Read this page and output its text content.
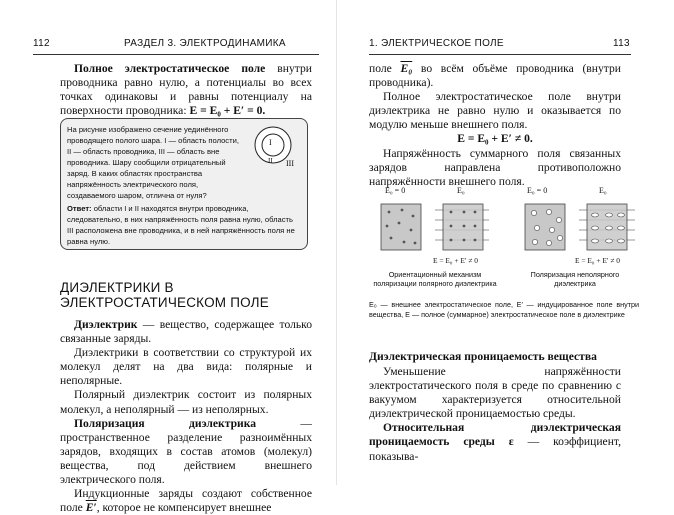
112	РАЗДЕЛ 3. ЭЛЕКТРОДИНАМИКА

Полное электростатическое поле внутри проводника равно нулю, а потенциалы во всех точках одинаковы и равны потенциалу на поверхности проводника: E = E₀ + E′ = 0.

На рисунке изображено сечение уединённого проводящего полого шара. I — область полости, II — область проводника, III — область вне проводника. Шару сообщили отрицательный заряд. В каких областях пространства напряжённость электрического поля, создаваемого шаром, отлична от нуля?
I
II III
Ответ: области I и II находятся внутри проводника, следовательно, в них напряжённость поля равна нулю, область III расположена вне проводника, и в ней напряжённость поля не равна нулю.
ДИЭЛЕКТРИКИ В ЭЛЕКТРОСТАТИЧЕСКОМ ПОЛЕ

Диэлектрик — вещество, содержащее только связанные заряды.

Диэлектрики в соответствии со структурой их молекул делят на два вида: полярные и неполярные.

Полярный диэлектрик состоит из полярных молекул, а неполярный — из неполярных.

Поляризация диэлектрика — пространственное разделение разноимённых зарядов, входящих в состав атомов (молекул) вещества, под действием внешнего электрического поля.

Индукционные заряды создают собственное поле E′, которое не компенсирует внешнее

1. ЭЛЕКТРИЧЕСКОЕ ПОЛЕ	113

поле E₀ во всём объёме проводника (внутри проводника).

Полное электростатическое поле внутри диэлектрика не равно нулю и оказывается по модулю меньше внешнего поля.

E = E₀ + E′ ≠ 0.

Напряжённость суммарного поля связанных зарядов направлена противоположно напряжённости внешнего поля.

E₀ = 0	E₀	E₀ = 0	E₀
E = E₀ + E′ ≠ 0	E = E₀ + E′ ≠ 0
Ориентационный механизм поляризации полярного диэлектрика
Поляризация неполярного диэлектрика
E₀ — внешнее электростатическое поле, E′ — индуцированное поле внутри вещества, E — полное (суммарное) электростатическое поле в диэлектрике
Диэлектрическая проницаемость вещества

Уменьшение напряжённости электростатического поля в среде по сравнению с вакуумом характеризуется относительной диэлектрической проницаемостью среды.

Относительная диэлектрическая проницаемость среды ε — коэффициент, показыва-
